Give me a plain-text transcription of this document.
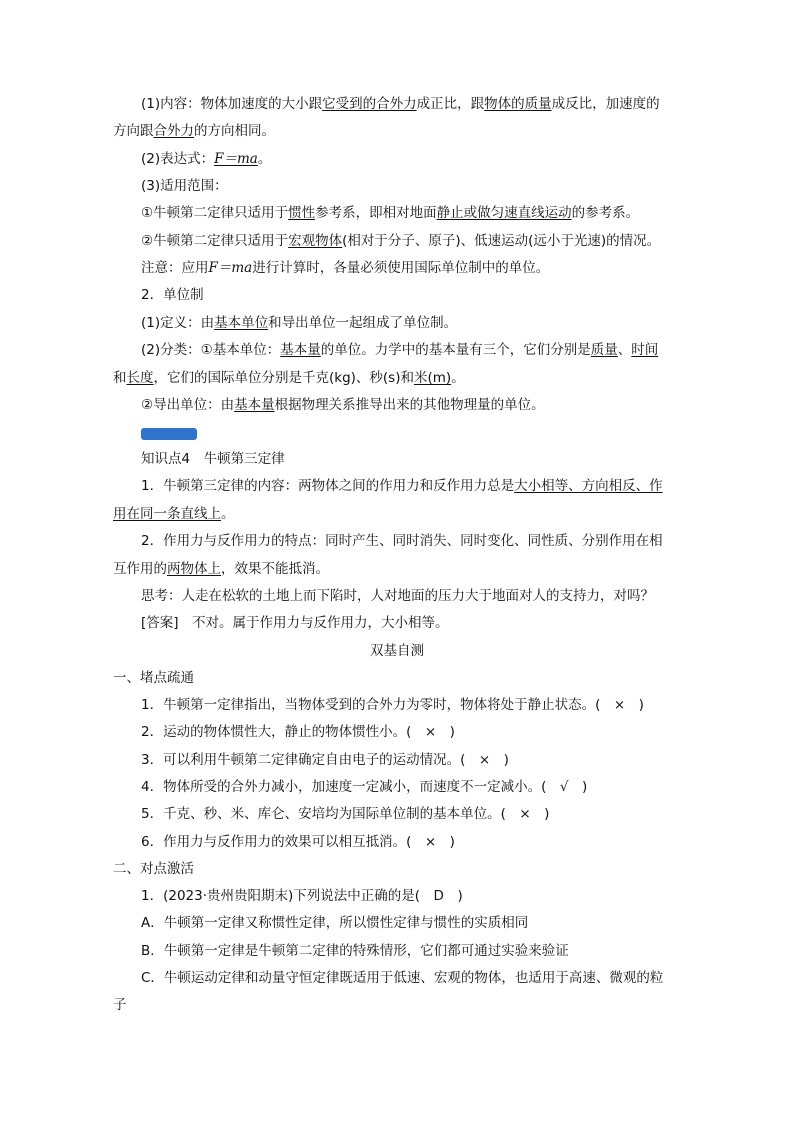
(1)内容：物体加速度的大小跟它受到的合外力成正比，跟物体的质量成反比，加速度的
方向跟合外力的方向相同。
(2)表达式：F＝ma。
(3)适用范围：
①牛顿第二定律只适用于惯性参考系，即相对地面静止或做匀速直线运动的参考系。
②牛顿第二定律只适用于宏观物体(相对于分子、原子)、低速运动(远小于光速)的情况。
注意：应用F＝ma进行计算时，各量必须使用国际单位制中的单位。
2．单位制
(1)定义：由基本单位和导出单位一起组成了单位制。
(2)分类：①基本单位：基本量的单位。力学中的基本量有三个，它们分别是质量、时间
和长度，它们的国际单位分别是千克(kg)、秒(s)和米(m)。
②导出单位：由基本量根据物理关系推导出来的其他物理量的单位。
知识点4　牛顿第三定律
1．牛顿第三定律的内容：两物体之间的作用力和反作用力总是大小相等、方向相反、作
用在同一条直线上。
2．作用力与反作用力的特点：同时产生、同时消失、同时变化、同性质、分别作用在相
互作用的两物体上，效果不能抵消。
思考：人走在松软的土地上而下陷时，人对地面的压力大于地面对人的支持力，对吗？
[答案]　不对。属于作用力与反作用力，大小相等。
双基自测
一、堵点疏通
1．牛顿第一定律指出，当物体受到的合外力为零时，物体将处于静止状态。(　×　)
2．运动的物体惯性大，静止的物体惯性小。(　×　)
3．可以利用牛顿第二定律确定自由电子的运动情况。(　×　)
4．物体所受的合外力减小，加速度一定减小，而速度不一定减小。(　√　)
5．千克、秒、米、库仑、安培均为国际单位制的基本单位。(　×　)
6．作用力与反作用力的效果可以相互抵消。(　×　)
二、对点激活
1．(2023·贵州贵阳期末)下列说法中正确的是(　D　)
A．牛顿第一定律又称惯性定律，所以惯性定律与惯性的实质相同
B．牛顿第一定律是牛顿第二定律的特殊情形，它们都可通过实验来验证
C．牛顿运动定律和动量守恒定律既适用于低速、宏观的物体，也适用于高速、微观的粒
子
